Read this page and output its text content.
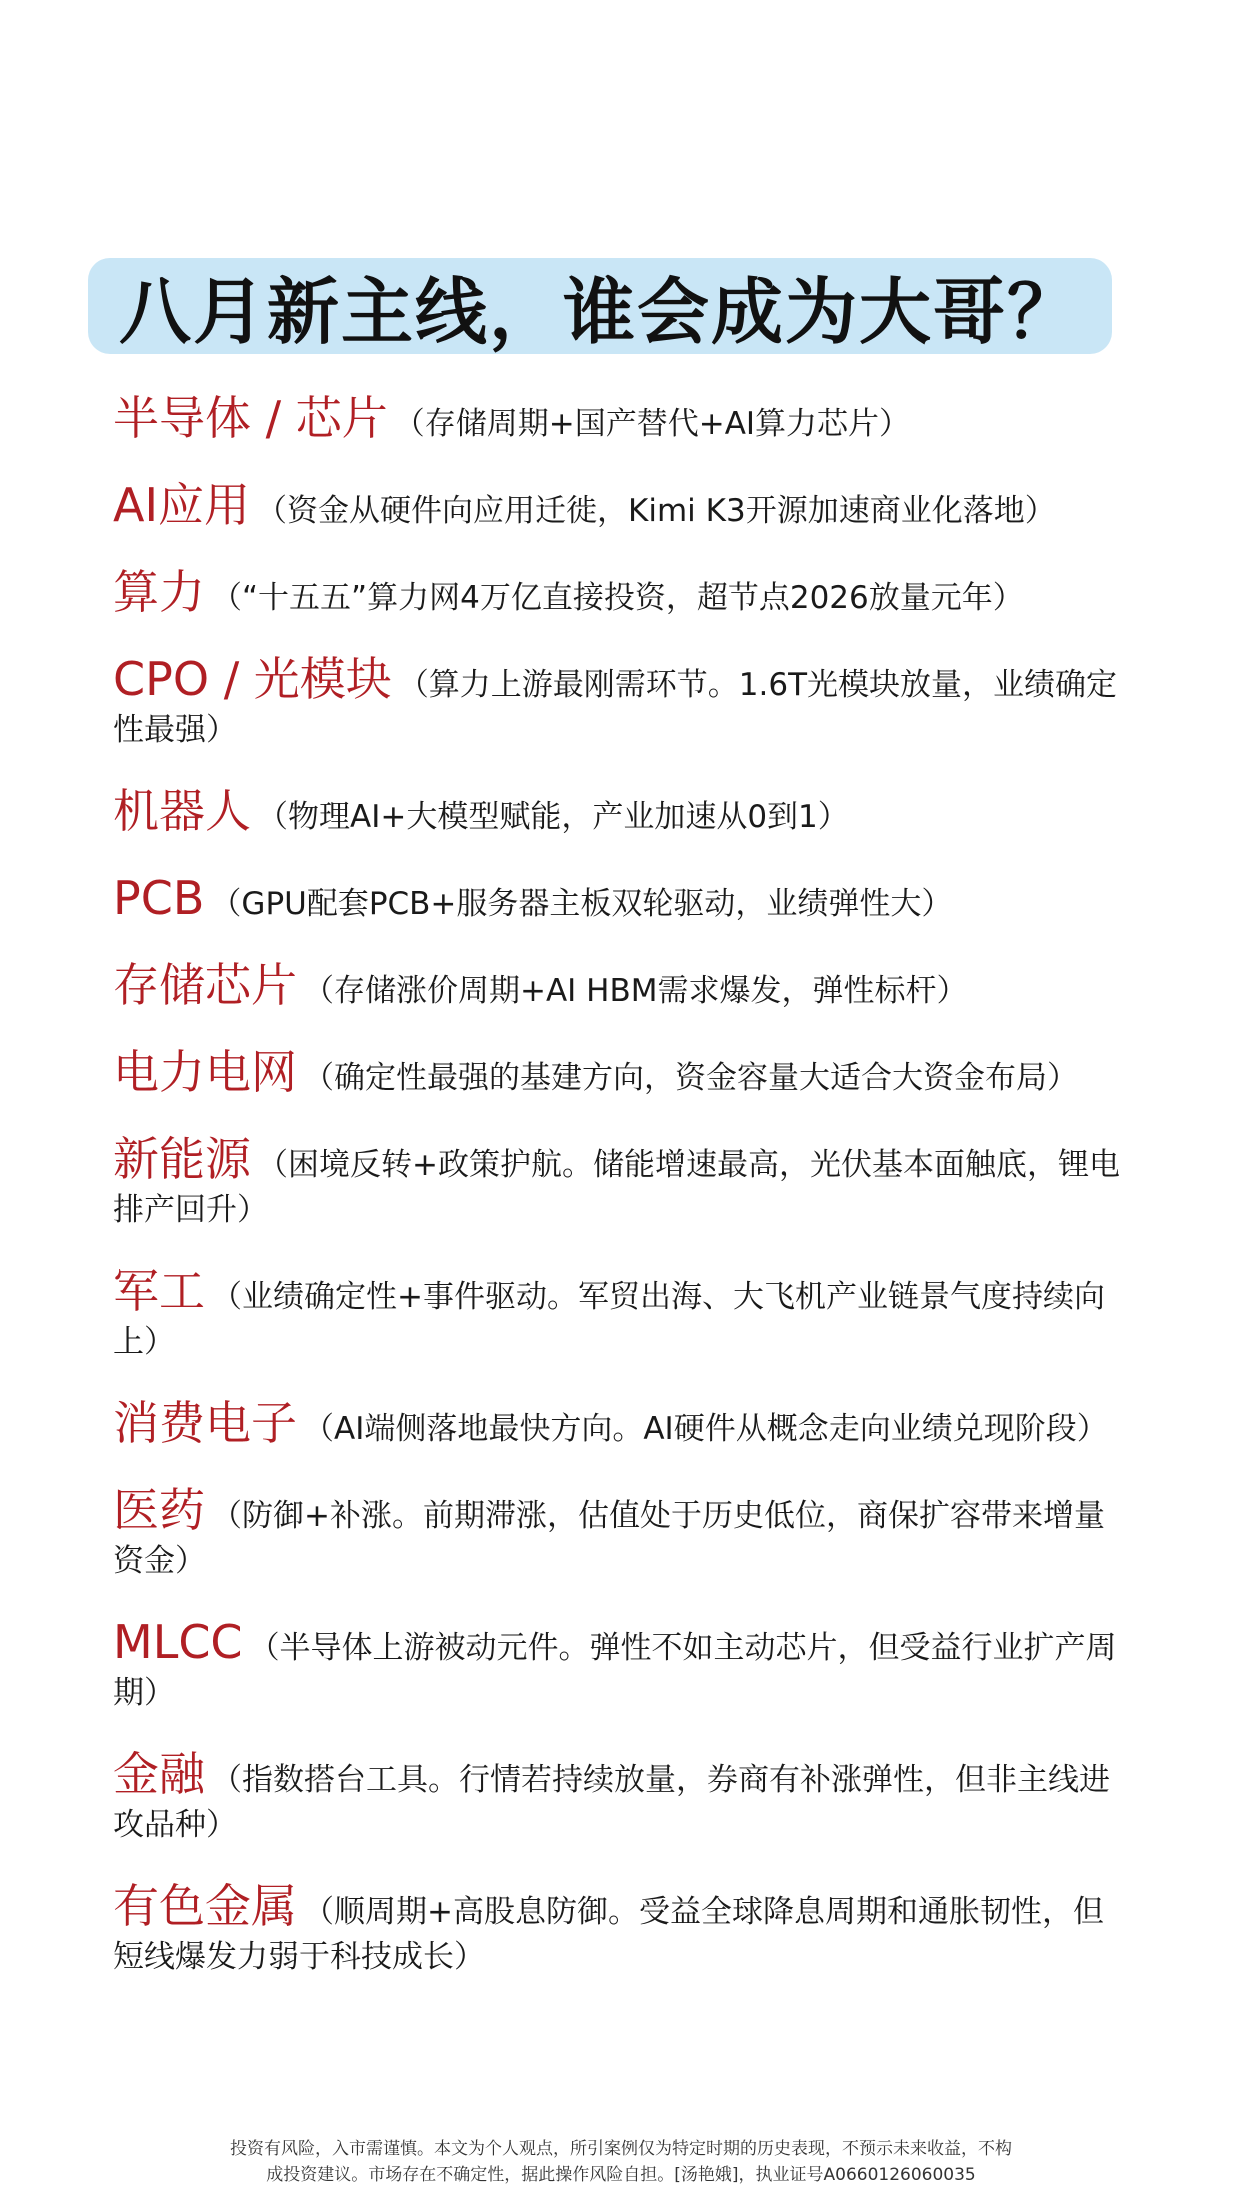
八月新主线，谁会成为大哥？
半导体 / 芯片 （存储周期+国产替代+AI算力芯片）
AI应用 （资金从硬件向应用迁徙，Kimi K3开源加速商业化落地）
算力 （“十五五”算力网4万亿直接投资，超节点2026放量元年）
CPO / 光模块 （算力上游最刚需环节。1.6T光模块放量，业绩确定性最强）
机器人 （物理AI+大模型赋能，产业加速从0到1）
PCB （GPU配套PCB+服务器主板双轮驱动，业绩弹性大）
存储芯片 （存储涨价周期+AI HBM需求爆发，弹性标杆）
电力电网 （确定性最强的基建方向，资金容量大适合大资金布局）
新能源 （困境反转+政策护航。储能增速最高，光伏基本面触底，锂电排产回升）
军工 （业绩确定性+事件驱动。军贸出海、大飞机产业链景气度持续向上）
消费电子 （AI端侧落地最快方向。AI硬件从概念走向业绩兑现阶段）
医药 （防御+补涨。前期滞涨，估值处于历史低位，商保扩容带来增量资金）
MLCC （半导体上游被动元件。弹性不如主动芯片，但受益行业扩产周期）
金融 （指数搭台工具。行情若持续放量，券商有补涨弹性，但非主线进攻品种）
有色金属 （顺周期+高股息防御。受益全球降息周期和通胀韧性，但短线爆发力弱于科技成长）
投资有风险，入市需谨慎。本文为个人观点，所引案例仅为特定时期的历史表现，不预示未来收益，不构
成投资建议。市场存在不确定性，据此操作风险自担。[汤艳娥]，执业证号A0660126060035
